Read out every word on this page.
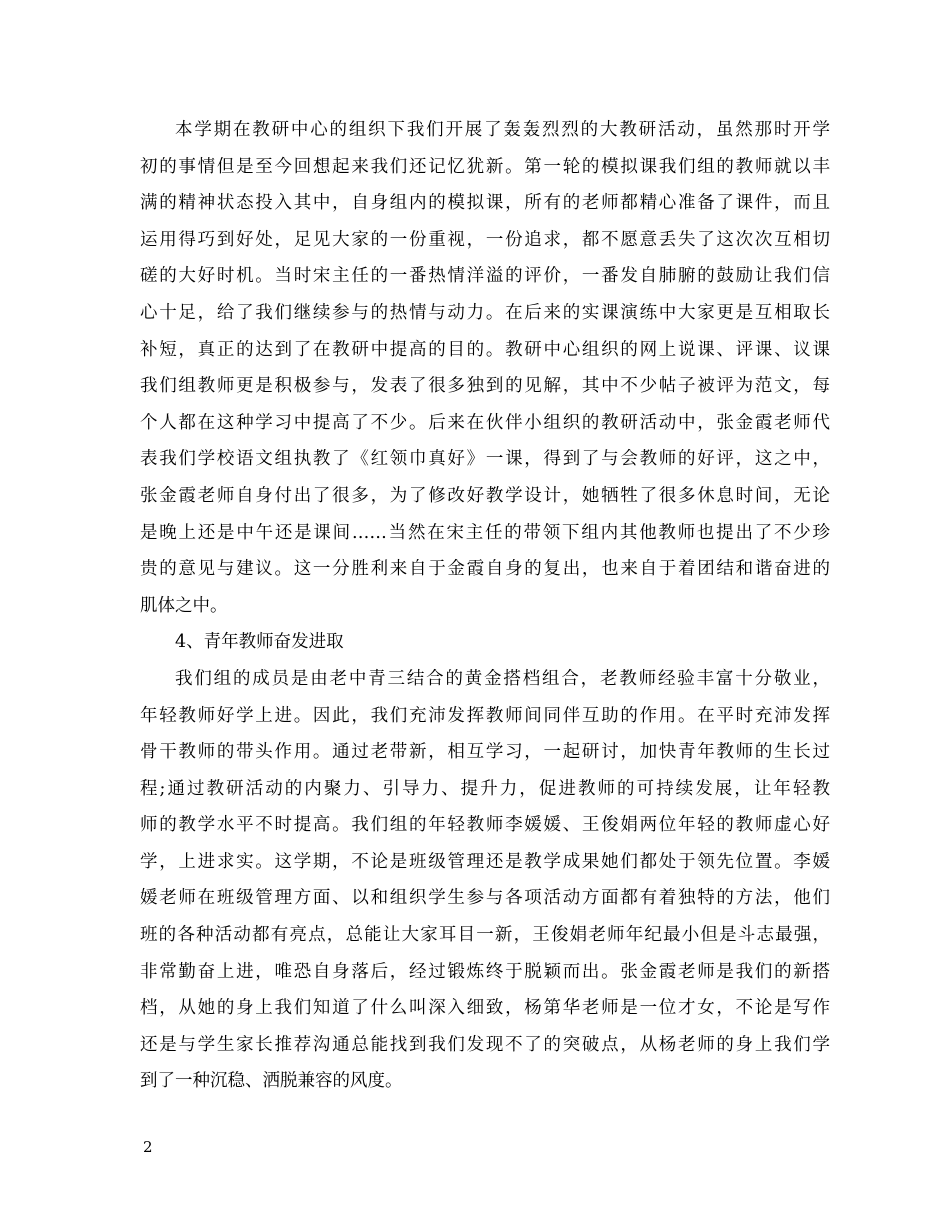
本学期在教研中心的组织下我们开展了轰轰烈烈的大教研活动，虽然那时开学
初的事情但是至今回想起来我们还记忆犹新。第一轮的模拟课我们组的教师就以丰
满的精神状态投入其中，自身组内的模拟课，所有的老师都精心准备了课件，而且
运用得巧到好处，足见大家的一份重视，一份追求，都不愿意丢失了这次次互相切
磋的大好时机。当时宋主任的一番热情洋溢的评价，一番发自肺腑的鼓励让我们信
心十足，给了我们继续参与的热情与动力。在后来的实课演练中大家更是互相取长
补短，真正的达到了在教研中提高的目的。教研中心组织的网上说课、评课、议课
我们组教师更是积极参与，发表了很多独到的见解，其中不少帖子被评为范文，每
个人都在这种学习中提高了不少。后来在伙伴小组织的教研活动中，张金霞老师代
表我们学校语文组执教了《红领巾真好》一课，得到了与会教师的好评，这之中，
张金霞老师自身付出了很多，为了修改好教学设计，她牺牲了很多休息时间，无论
是晚上还是中午还是课间……当然在宋主任的带领下组内其他教师也提出了不少珍
贵的意见与建议。这一分胜利来自于金霞自身的复出，也来自于着团结和谐奋进的
肌体之中。
4、青年教师奋发进取
我们组的成员是由老中青三结合的黄金搭档组合，老教师经验丰富十分敬业，
年轻教师好学上进。因此，我们充沛发挥教师间同伴互助的作用。在平时充沛发挥
骨干教师的带头作用。通过老带新，相互学习，一起研讨，加快青年教师的生长过
程;通过教研活动的内聚力、引导力、提升力，促进教师的可持续发展，让年轻教
师的教学水平不时提高。我们组的年轻教师李媛媛、王俊娟两位年轻的教师虚心好
学，上进求实。这学期，不论是班级管理还是教学成果她们都处于领先位置。李媛
媛老师在班级管理方面、以和组织学生参与各项活动方面都有着独特的方法，他们
班的各种活动都有亮点，总能让大家耳目一新，王俊娟老师年纪最小但是斗志最强，
非常勤奋上进，唯恐自身落后，经过锻炼终于脱颖而出。张金霞老师是我们的新搭
档，从她的身上我们知道了什么叫深入细致，杨第华老师是一位才女，不论是写作
还是与学生家长推荐沟通总能找到我们发现不了的突破点，从杨老师的身上我们学
到了一种沉稳、洒脱兼容的风度。
2
